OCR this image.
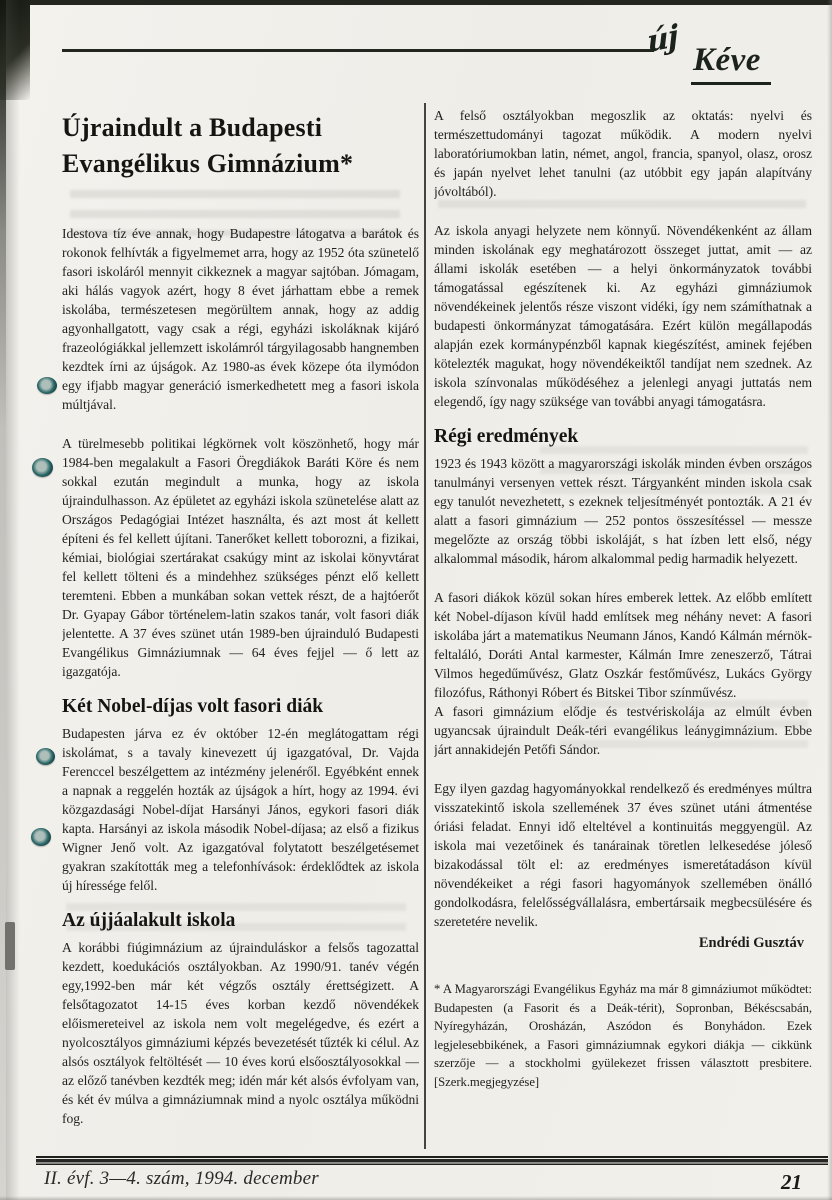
új Kéve
Újraindult a Budapesti
Evangélikus Gimnázium*

Idestova tíz éve annak, hogy Budapestre látogatva a barátok és rokonok felhívták a figyelmemet arra, hogy az 1952 óta szünetelő fasori iskoláról mennyit cikkeznek a magyar sajtóban. Jómagam, aki hálás vagyok azért, hogy 8 évet járhattam ebbe a remek iskolába, természetesen megörültem annak, hogy az addig agyonhallgatott, vagy csak a régi, egyházi iskoláknak kijáró frazeológiákkal jellemzett iskolámról tárgyilagosabb hangnemben kezdtek írni az újságok. Az 1980-as évek közepe óta ilymódon egy ifjabb magyar generáció ismerkedhetett meg a fasori iskola múltjával.

A türelmesebb politikai légkörnek volt köszönhető, hogy már 1984-ben megalakult a Fasori Öregdiákok Baráti Köre és nem sokkal ezután megindult a munka, hogy az iskola újraindulhasson. Az épületet az egyházi iskola szünetelése alatt az Országos Pedagógiai Intézet használta, és azt most át kellett építeni és fel kellett újítani. Tanerőket kellett toborozni, a fizikai, kémiai, biológiai szertárakat csakúgy mint az iskolai könyvtárat fel kellett tölteni és a mindehhez szükséges pénzt elő kellett teremteni. Ebben a munkában sokan vettek részt, de a hajtóerőt Dr. Gyapay Gábor történelem-latin szakos tanár, volt fasori diák jelentette. A 37 éves szünet után 1989-ben újrainduló Budapesti Evangélikus Gimnáziumnak — 64 éves fejjel — ő lett az igazgatója.

Két Nobel-díjas volt fasori diák

Budapesten járva ez év október 12-én meglátogattam régi iskolámat, s a tavaly kinevezett új igazgatóval, Dr. Vajda Ferenccel beszélgettem az intézmény jelenéről. Egyébként ennek a napnak a reggelén hozták az újságok a hírt, hogy az 1994. évi közgazdasági Nobel-díjat Harsányi János, egykori fasori diák kapta. Harsányi az iskola második Nobel-díjasa; az első a fizikus Wigner Jenő volt. Az igazgatóval folytatott beszélgetésemet gyakran szakították meg a telefonhívások: érdeklődtek az iskola új híressége felől.

Az újjáalakult iskola

A korábbi fiúgimnázium az újrainduláskor a felsős tagozattal kezdett, koedukációs osztályokban. Az 1990/91. tanév végén egy,1992-ben már két végzős osztály érettségizett. A felsőtagozatot 14-15 éves korban kezdő növendékek előismereteivel az iskola nem volt megelégedve, és ezért a nyolcosztályos gimnáziumi képzés bevezetését tűzték ki célul. Az alsós osztályok feltöltését — 10 éves korú elsőosztályosokkal — az előző tanévben kezdték meg; idén már két alsós évfolyam van, és két év múlva a gimnáziumnak mind a nyolc osztálya működni fog.

A felső osztályokban megoszlik az oktatás: nyelvi és természettudományi tagozat működik. A modern nyelvi laboratóriumokban latin, német, angol, francia, spanyol, olasz, orosz és japán nyelvet lehet tanulni (az utóbbit egy japán alapítvány jóvoltából).

Az iskola anyagi helyzete nem könnyű. Növendékenként az állam minden iskolának egy meghatározott összeget juttat, amit — az állami iskolák esetében — a helyi önkormányzatok további támogatással egészítenek ki. Az egyházi gimnáziumok növendékeinek jelentős része viszont vidéki, így nem számíthatnak a budapesti önkormányzat támogatására. Ezért külön megállapodás alapján ezek kormánypénzből kapnak kiegészítést, aminek fejében kötelezték magukat, hogy növendékeiktől tandíjat nem szednek. Az iskola színvonalas működéséhez a jelenlegi anyagi juttatás nem elegendő, így nagy szüksége van további anyagi támogatásra.

Régi eredmények

1923 és 1943 között a magyarországi iskolák minden évben országos tanulmányi versenyen vettek részt. Tárgyanként minden iskola csak egy tanulót nevezhetett, s ezeknek teljesítményét pontozták. A 21 év alatt a fasori gimnázium — 252 pontos összesítéssel — messze megelőzte az ország többi iskoláját, s hat ízben lett első, négy alkalommal második, három alkalommal pedig harmadik helyezett.

A fasori diákok közül sokan híres emberek lettek. Az előbb említett két Nobel-díjason kívül hadd említsek meg néhány nevet: A fasori iskolába járt a matematikus Neumann János, Kandó Kálmán mérnök-feltaláló, Doráti Antal karmester, Kálmán Imre zeneszerző, Tátrai Vilmos hegedűművész, Glatz Oszkár festőművész, Lukács György filozófus, Ráthonyi Róbert és Bitskei Tibor színművész.

A fasori gimnázium elődje és testvériskolája az elmúlt évben ugyancsak újraindult Deák-téri evangélikus leánygimnázium. Ebbe járt annakidején Petőfi Sándor.

Egy ilyen gazdag hagyományokkal rendelkező és eredményes múltra visszatekintő iskola szellemének 37 éves szünet utáni átmentése óriási feladat. Ennyi idő elteltével a kontinuitás meggyengül. Az iskola mai vezetőinek és tanárainak töretlen lelkesedése jóleső bizakodással tölt el: az eredményes ismeretátadáson kívül növendékeiket a régi fasori hagyományok szellemében önálló gondolkodásra, felelősségvállalásra, embertársaik megbecsülésére és szeretetére nevelik.

Endrédi Gusztáv

* A Magyarországi Evangélikus Egyház ma már 8 gimnáziumot működtet: Budapesten (a Fasorit és a Deák-térit), Sopronban, Békéscsabán, Nyíregyházán, Orosházán, Aszódon és Bonyhádon. Ezek legjelesebbikének, a Fasori gimnáziumnak egykori diákja — cikkünk szerzője — a stockholmi gyülekezet frissen választott presbitere. [Szerk.megjegyzése]

II. évf. 3—4. szám, 1994. december	21
